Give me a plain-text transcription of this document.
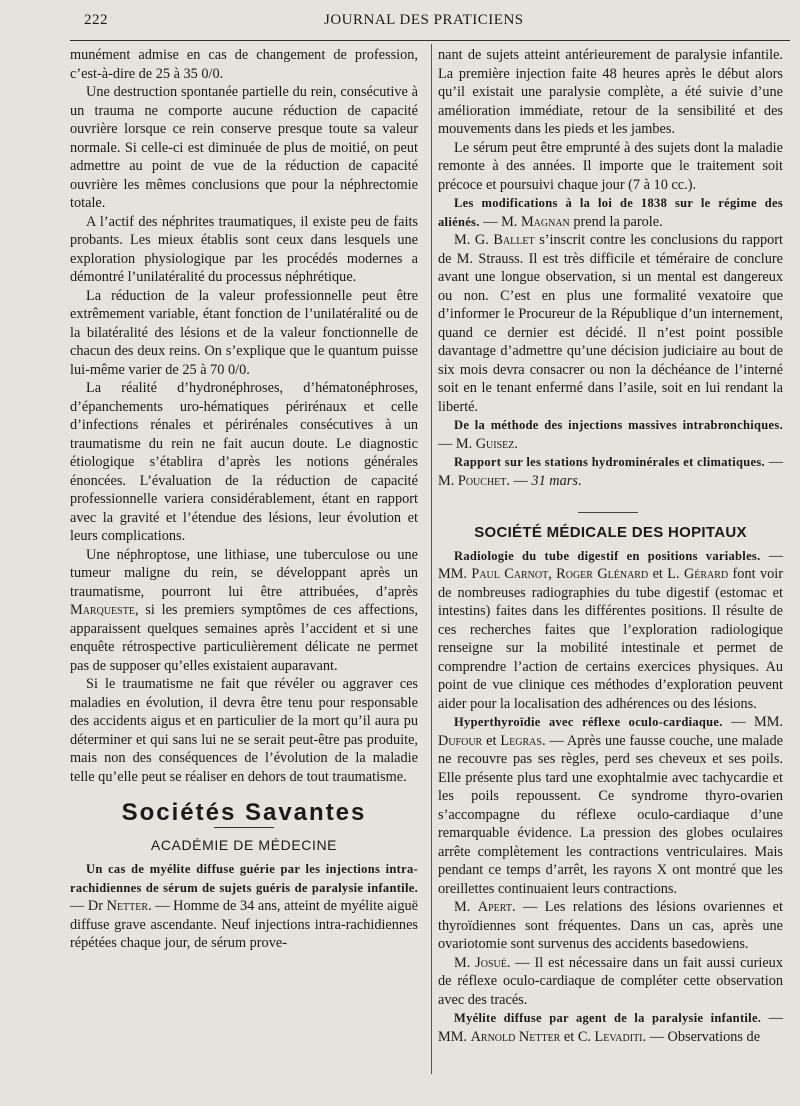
222	JOURNAL DES PRATICIENS

munément admise en cas de changement de profession, c’est-à-dire de 25 à 35 0/0.

Une destruction spontanée partielle du rein, consécutive à un trauma ne comporte aucune réduction de capacité ouvrière lorsque ce rein conserve presque toute sa valeur normale. Si celle-ci est diminuée de plus de moitié, on peut admettre au point de vue de la réduction de capacité ouvrière les mêmes conclusions que pour la néphrectomie totale.

A l’actif des néphrites traumatiques, il existe peu de faits probants. Les mieux établis sont ceux dans lesquels une exploration physiologique par les procédés modernes a démontré l’unilatéralité du processus néphrétique.

La réduction de la valeur professionnelle peut être extrêmement variable, étant fonction de l’unilatéralité ou de la bilatéralité des lésions et de la valeur fonctionnelle de chacun des deux reins. On s’explique que le quantum puisse lui-même varier de 25 à 70 0/0.

La réalité d’hydronéphroses, d’hématonéphroses, d’épanchements uro-hématiques périrénaux et celle d’infections rénales et périrénales consécutives à un traumatisme du rein ne fait aucun doute. Le diagnostic étiologique s’établira d’après les notions générales énoncées. L’évaluation de la réduction de capacité professionnelle variera considérablement, étant en rapport avec la gravité et l’étendue des lésions, leur évolution et leurs complications.

Une néphroptose, une lithiase, une tuberculose ou une tumeur maligne du rein, se développant après un traumatisme, pourront lui être attribuées, d’après Marqueste, si les premiers symptômes de ces affections, apparaissent quelques semaines après l’accident et si une enquête rétrospective particulièrement délicate ne permet pas de supposer qu’elles existaient auparavant.

Si le traumatisme ne fait que révéler ou aggraver ces maladies en évolution, il devra être tenu pour responsable des accidents aigus et en particulier de la mort qu’il aura pu déterminer et qui sans lui ne se serait peut-être pas produite, mais non des conséquences de l’évolution de la maladie telle qu’elle peut se réaliser en dehors de tout traumatisme.

Sociétés Savantes
ACADÉMIE DE MÉDECINE

Un cas de myélite diffuse guérie par les injections intra-rachidiennes de sérum de sujets guéris de paralysie infantile. — Dr Netter. — Homme de 34 ans, atteint de myélite aiguë diffuse grave ascendante. Neuf injections intra-rachidiennes répétées chaque jour, de sérum prove-

nant de sujets atteint antérieurement de paralysie infantile. La première injection faite 48 heures après le début alors qu’il existait une paralysie complète, a été suivie d’une amélioration immédiate, retour de la sensibilité et des mouvements dans les pieds et les jambes.

Le sérum peut être emprunté à des sujets dont la maladie remonte à des années. Il importe que le traitement soit précoce et poursuivi chaque jour (7 à 10 cc.).

Les modifications à la loi de 1838 sur le régime des aliénés. — M. Magnan prend la parole.

M. G. Ballet s’inscrit contre les conclusions du rapport de M. Strauss. Il est très difficile et téméraire de conclure avant une longue observation, si un mental est dangereux ou non. C’est en plus une formalité vexatoire que d’informer le Procureur de la République d’un internement, quand ce dernier est décidé. Il n’est point possible davantage d’admettre qu’une décision judiciaire au bout de six mois devra consacrer ou non la déchéance de l’interné soit en le tenant enfermé dans l’asile, soit en lui rendant la liberté.

De la méthode des injections massives intrabronchiques. — M. Guisez.

Rapport sur les stations hydrominérales et climatiques. — M. Pouchet. — 31 mars.

SOCIÉTÉ MÉDICALE DES HOPITAUX

Radiologie du tube digestif en positions variables. — MM. Paul Carnot, Roger Glénard et L. Gérard font voir de nombreuses radiographies du tube digestif (estomac et intestins) faites dans les différentes positions. Il résulte de ces recherches faites que l’exploration radiologique renseigne sur la mobilité intestinale et permet de comprendre l’action de certains exercices physiques. Au point de vue clinique ces méthodes d’exploration peuvent aider pour la localisation des adhérences ou des lésions.

Hyperthyroïdie avec réflexe oculo-cardiaque. — MM. Dufour et Legras. — Après une fausse couche, une malade ne recouvre pas ses règles, perd ses cheveux et ses poils. Elle présente plus tard une exophtalmie avec tachycardie et les poils repoussent. Ce syndrome thyro-ovarien s’accompagne du réflexe oculo-cardiaque d’une remarquable évidence. La pression des globes oculaires arrête complètement les contractions ventriculaires. Mais pendant ce temps d’arrêt, les rayons X ont montré que les oreillettes continuaient leurs contractions.

M. Apert. — Les relations des lésions ovariennes et thyroïdiennes sont fréquentes. Dans un cas, après une ovariotomie sont survenus des accidents basedowiens.

M. Josué. — Il est nécessaire dans un fait aussi curieux de réflexe oculo-cardiaque de compléter cette observation avec des tracés.

Myélite diffuse par agent de la paralysie infantile. — MM. Arnold Netter et C. Levaditi. — Observations de
